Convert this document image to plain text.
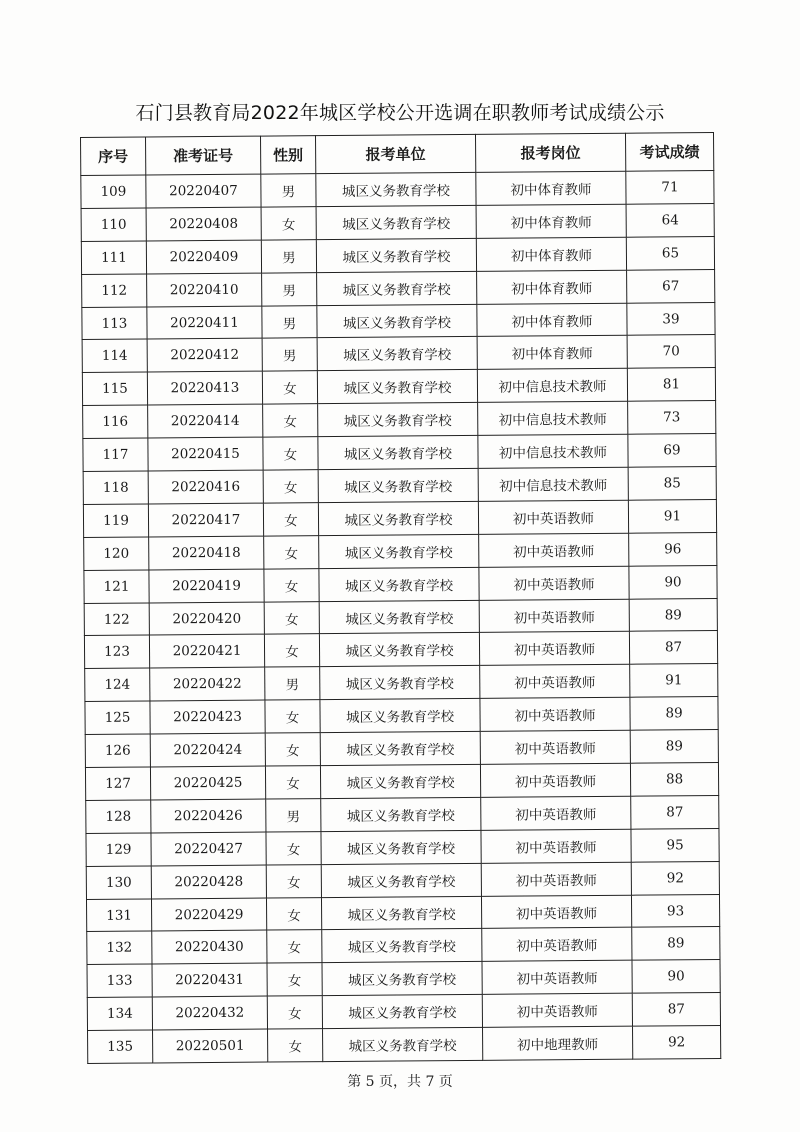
石门县教育局2022年城区学校公开选调在职教师考试成绩公示
序号	准考证号	性别	报考单位	报考岗位	考试成绩
109	20220407	男	城区义务教育学校	初中体育教师	71
110	20220408	女	城区义务教育学校	初中体育教师	64
111	20220409	男	城区义务教育学校	初中体育教师	65
112	20220410	男	城区义务教育学校	初中体育教师	67
113	20220411	男	城区义务教育学校	初中体育教师	39
114	20220412	男	城区义务教育学校	初中体育教师	70
115	20220413	女	城区义务教育学校	初中信息技术教师	81
116	20220414	女	城区义务教育学校	初中信息技术教师	73
117	20220415	女	城区义务教育学校	初中信息技术教师	69
118	20220416	女	城区义务教育学校	初中信息技术教师	85
119	20220417	女	城区义务教育学校	初中英语教师	91
120	20220418	女	城区义务教育学校	初中英语教师	96
121	20220419	女	城区义务教育学校	初中英语教师	90
122	20220420	女	城区义务教育学校	初中英语教师	89
123	20220421	女	城区义务教育学校	初中英语教师	87
124	20220422	男	城区义务教育学校	初中英语教师	91
125	20220423	女	城区义务教育学校	初中英语教师	89
126	20220424	女	城区义务教育学校	初中英语教师	89
127	20220425	女	城区义务教育学校	初中英语教师	88
128	20220426	男	城区义务教育学校	初中英语教师	87
129	20220427	女	城区义务教育学校	初中英语教师	95
130	20220428	女	城区义务教育学校	初中英语教师	92
131	20220429	女	城区义务教育学校	初中英语教师	93
132	20220430	女	城区义务教育学校	初中英语教师	89
133	20220431	女	城区义务教育学校	初中英语教师	90
134	20220432	女	城区义务教育学校	初中英语教师	87
135	20220501	女	城区义务教育学校	初中地理教师	92
第 5 页，共 7 页
